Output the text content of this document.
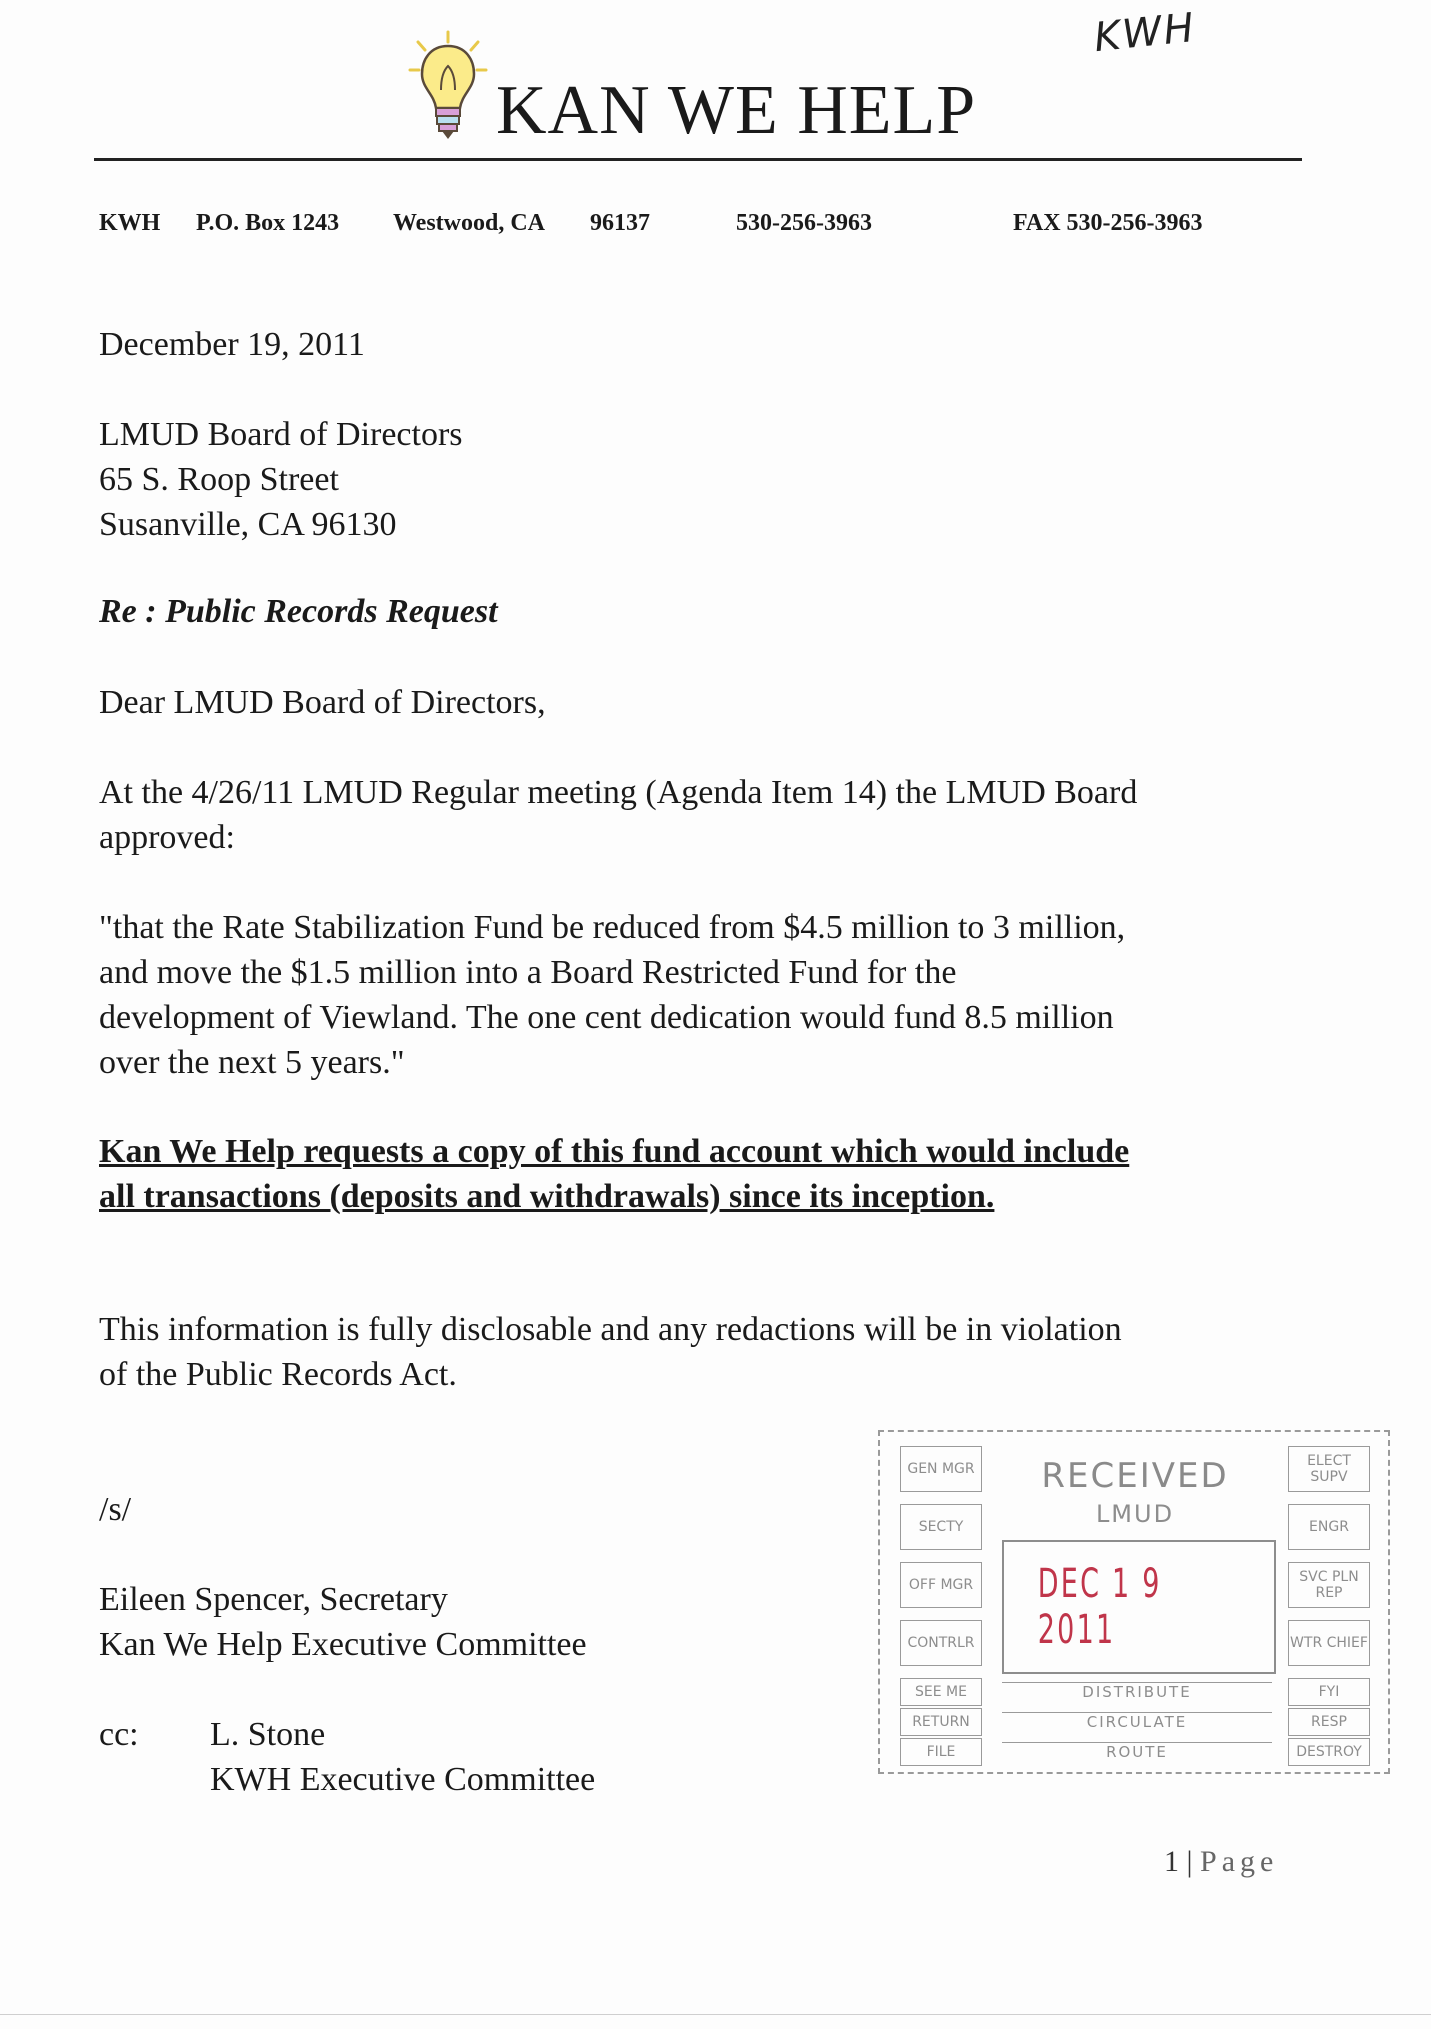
KWH
KAN WE HELP
KWH P.O. Box 1243 Westwood, CA 96137	530-256-3963	FAX 530-256-3963
December 19, 2011
LMUD Board of Directors
65 S. Roop Street
Susanville, CA 96130
Re : Public Records Request
Dear LMUD Board of Directors,
At the 4/26/11 LMUD Regular meeting (Agenda Item 14) the LMUD Board
approved:
"that the Rate Stabilization Fund be reduced from $4.5 million to 3 million,
and move the $1.5 million into a Board Restricted Fund for the
development of Viewland. The one cent dedication would fund 8.5 million
over the next 5 years."
Kan We Help requests a copy of this fund account which would include
all transactions (deposits and withdrawals) since its inception.
This information is fully disclosable and any redactions will be in violation
of the Public Records Act.
/s/
Eileen Spencer, Secretary
Kan We Help Executive Committee
cc: L. Stone
KWH Executive Committee
GEN MGR
SECTY
OFF MGR
CONTRLR
SEE ME
RETURN
FILE
RECEIVED
LMUD
DEC 1 9 2011
DISTRIBUTE
CIRCULATE
ROUTE
ELECT SUPV
ENGR
SVC PLN REP
WTR CHIEF
FYI
RESP
DESTROY
1 | Page
